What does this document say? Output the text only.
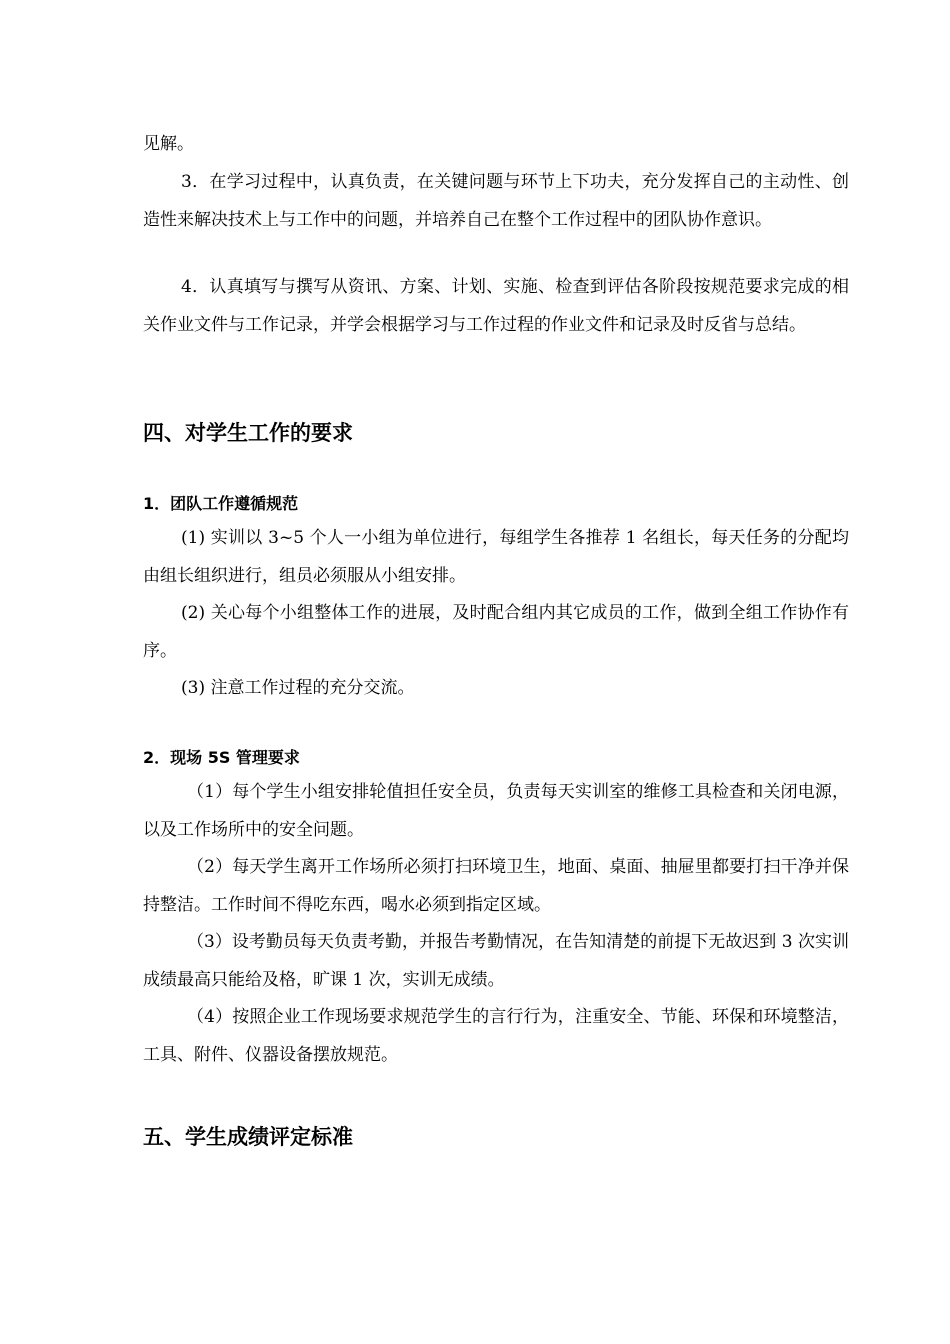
见解。

3．在学习过程中，认真负责，在关键问题与环节上下功夫，充分发挥自己的主动性、创造性来解决技术上与工作中的问题，并培养自己在整个工作过程中的团队协作意识。

4．认真填写与撰写从资讯、方案、计划、实施、检查到评估各阶段按规范要求完成的相关作业文件与工作记录，并学会根据学习与工作过程的作业文件和记录及时反省与总结。

四、对学生工作的要求
1．团队工作遵循规范

(1) 实训以 3~5 个人一小组为单位进行，每组学生各推荐 1 名组长，每天任务的分配均由组长组织进行，组员必须服从小组安排。

(2) 关心每个小组整体工作的进展，及时配合组内其它成员的工作，做到全组工作协作有序。

(3) 注意工作过程的充分交流。

2．现场 5S 管理要求

（1）每个学生小组安排轮值担任安全员，负责每天实训室的维修工具检查和关闭电源，以及工作场所中的安全问题。

（2）每天学生离开工作场所必须打扫环境卫生，地面、桌面、抽屉里都要打扫干净并保持整洁。工作时间不得吃东西，喝水必须到指定区域。

（3）设考勤员每天负责考勤，并报告考勤情况，在告知清楚的前提下无故迟到 3 次实训成绩最高只能给及格，旷课 1 次，实训无成绩。

（4）按照企业工作现场要求规范学生的言行行为，注重安全、节能、环保和环境整洁，工具、附件、仪器设备摆放规范。

五、学生成绩评定标准
